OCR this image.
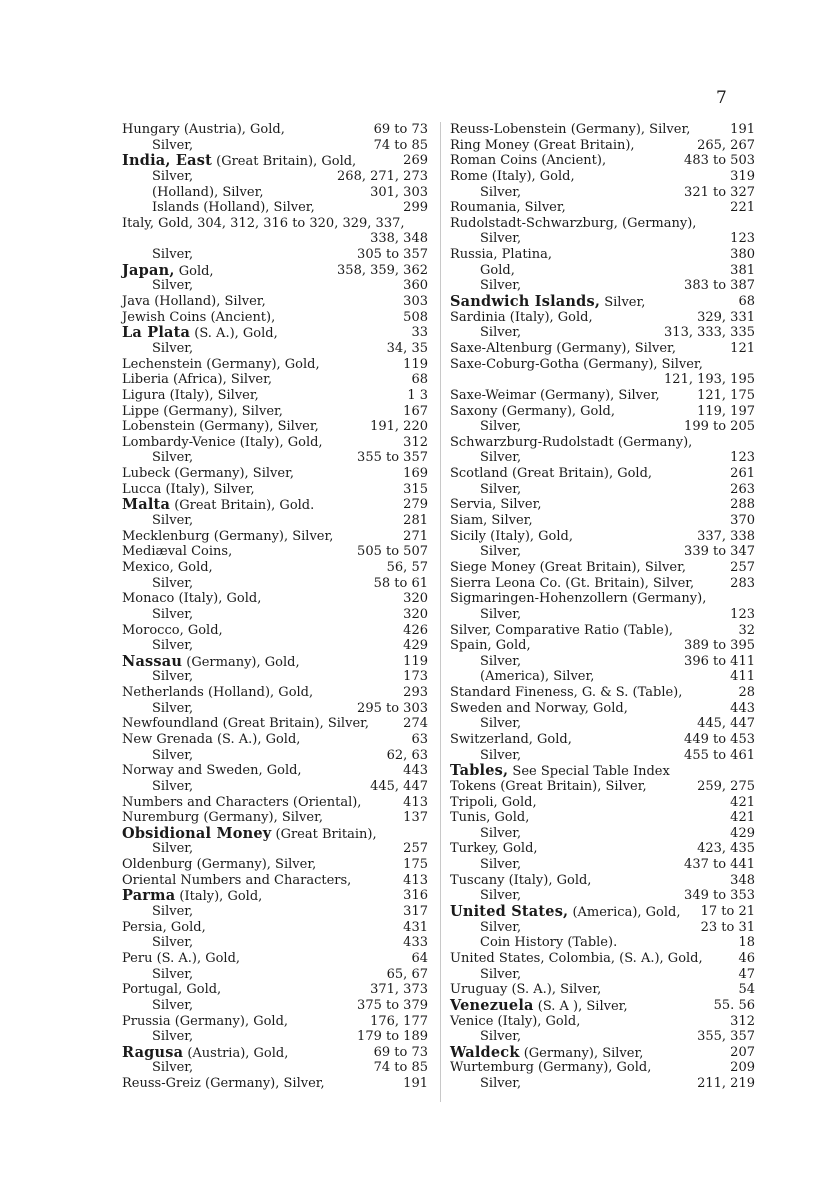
7
Hungary (Austria), Gold,	69 to 73
Silver,	74 to 85
India, East (Great Britain), Gold,	269
Silver,	268, 271, 273
(Holland), Silver,	301, 303
Islands (Holland), Silver,	299
Italy, Gold, 304, 312, 316 to 320, 329, 337,
338, 348
Silver,	305 to 357
Japan, Gold,	358, 359, 362
Silver,	360
Java (Holland), Silver,	303
Jewish Coins (Ancient),	508
La Plata (S. A.), Gold,	33
Silver,	34, 35
Lechenstein (Germany), Gold,	119
Liberia (Africa), Silver,	68
Ligura (Italy), Silver,	1 3
Lippe (Germany), Silver,	167
Lobenstein (Germany), Silver,	191, 220
Lombardy-Venice (Italy), Gold,	312
Silver,	355 to 357
Lubeck (Germany), Silver,	169
Lucca (Italy), Silver,	315
Malta (Great Britain), Gold.	279
Silver,	281
Mecklenburg (Germany), Silver,	271
Mediæval Coins,	505 to 507
Mexico, Gold,	56, 57
Silver,	58 to 61
Monaco (Italy), Gold,	320
Silver,	320
Morocco, Gold,	426
Silver,	429
Nassau (Germany), Gold,	119
Silver,	173
Netherlands (Holland), Gold,	293
Silver,	295 to 303
Newfoundland (Great Britain), Silver,	274
New Grenada (S. A.), Gold,	63
Silver,	62, 63
Norway and Sweden, Gold,	443
Silver,	445, 447
Numbers and Characters (Oriental),	413
Nuremburg (Germany), Silver,	137
Obsidional Money (Great Britain),
Silver,	257
Oldenburg (Germany), Silver,	175
Oriental Numbers and Characters,	413
Parma (Italy), Gold,	316
Silver,	317
Persia, Gold,	431
Silver,	433
Peru (S. A.), Gold,	64
Silver,	65, 67
Portugal, Gold,	371, 373
Silver,	375 to 379
Prussia (Germany), Gold,	176, 177
Silver,	179 to 189
Ragusa (Austria), Gold,	69 to 73
Silver,	74 to 85
Reuss-Greiz (Germany), Silver,	191
Reuss-Lobenstein (Germany), Silver,	191
Ring Money (Great Britain),	265, 267
Roman Coins (Ancient),	483 to 503
Rome (Italy), Gold,	319
Silver,	321 to 327
Roumania, Silver,	221
Rudolstadt-Schwarzburg, (Germany),
Silver,	123
Russia, Platina,	380
Gold,	381
Silver,	383 to 387
Sandwich Islands, Silver,	68
Sardinia (Italy), Gold,	329, 331
Silver,	313, 333, 335
Saxe-Altenburg (Germany), Silver,	121
Saxe-Coburg-Gotha (Germany), Silver,
121, 193, 195
Saxe-Weimar (Germany), Silver,	121, 175
Saxony (Germany), Gold,	119, 197
Silver,	199 to 205
Schwarzburg-Rudolstadt (Germany),
Silver,	123
Scotland (Great Britain), Gold,	261
Silver,	263
Servia, Silver,	288
Siam, Silver,	370
Sicily (Italy), Gold,	337, 338
Silver,	339 to 347
Siege Money (Great Britain), Silver,	257
Sierra Leona Co. (Gt. Britain), Silver,	283
Sigmaringen-Hohenzollern (Germany),
Silver,	123
Silver, Comparative Ratio (Table),	32
Spain, Gold,	389 to 395
Silver,	396 to 411
(America), Silver,	411
Standard Fineness, G. & S. (Table),	28
Sweden and Norway, Gold,	443
Silver,	445, 447
Switzerland, Gold,	449 to 453
Silver,	455 to 461
Tables, See Special Table Index
Tokens (Great Britain), Silver,	259, 275
Tripoli, Gold,	421
Tunis, Gold,	421
Silver,	429
Turkey, Gold,	423, 435
Silver,	437 to 441
Tuscany (Italy), Gold,	348
Silver,	349 to 353
United States, (America), Gold, 17 to 21
Silver,	23 to 31
Coin History (Table).	18
United States, Colombia, (S. A.), Gold,	46
Silver,	47
Uruguay (S. A.), Silver,	54
Venezuela (S. A ), Silver,	55. 56
Venice (Italy), Gold,	312
Silver,	355, 357
Waldeck (Germany), Silver,	207
Wurtemburg (Germany), Gold,	209
Silver,	211, 219
